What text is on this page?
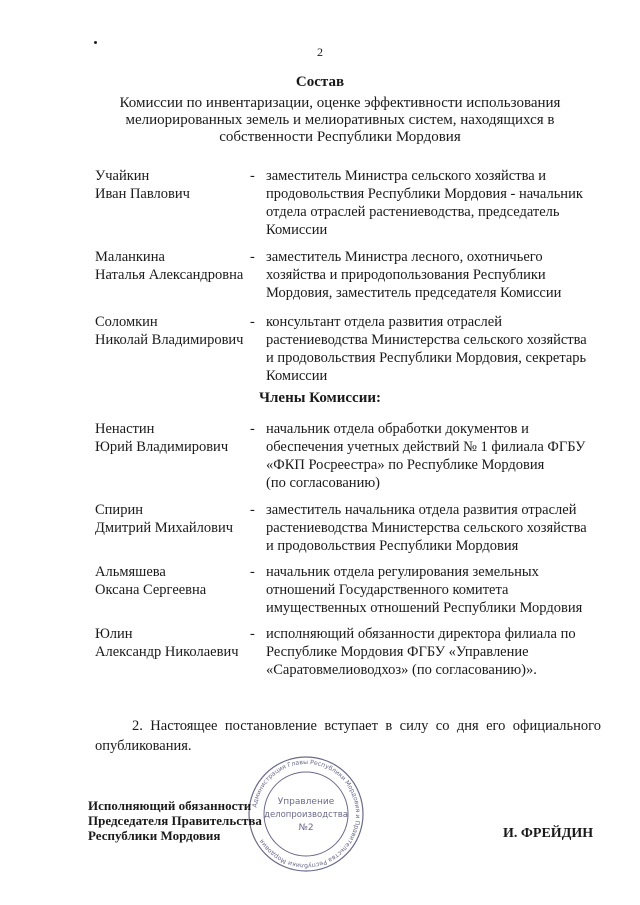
2
Состав
Комиссии по инвентаризации, оценке эффективности использования
мелиорированных земель и мелиоративных систем, находящихся в
собственности Республики Мордовия
Учайкин
Иван Павлович
- заместитель Министра сельского хозяйства и
продовольствия Республики Мордовия - начальник
отдела отраслей растениеводства, председатель
Комиссии
Маланкина
Наталья Александровна
- заместитель Министра лесного, охотничьего
хозяйства и природопользования Республики
Мордовия, заместитель председателя Комиссии
Соломкин
Николай Владимирович
- консультант отдела развития отраслей
растениеводства Министерства сельского хозяйства
и продовольствия Республики Мордовия, секретарь
Комиссии
Члены Комиссии:
Ненастин
Юрий Владимирович
- начальник отдела обработки документов и
обеспечения учетных действий № 1 филиала ФГБУ
«ФКП Росреестра» по Республике Мордовия
(по согласованию)
Спирин
Дмитрий Михайлович
- заместитель начальника отдела развития отраслей
растениеводства Министерства сельского хозяйства
и продовольствия Республики Мордовия
Альмяшева
Оксана Сергеевна
- начальник отдела регулирования земельных
отношений Государственного комитета
имущественных отношений Республики Мордовия
Юлин
Александр Николаевич
- исполняющий обязанности директора филиала по
Республике Мордовия ФГБУ «Управление
«Саратовмелиоводхоз» (по согласованию)».
2. Настоящее постановление вступает в силу со дня его официального опубликования.
Администрация Главы Республики Мордовия и Правительства Республики Мордовия
Управление
делопроизводства
№2
Исполняющий обязанности
Председателя Правительства
Республики Мордовия	И. ФРЕЙДИН
